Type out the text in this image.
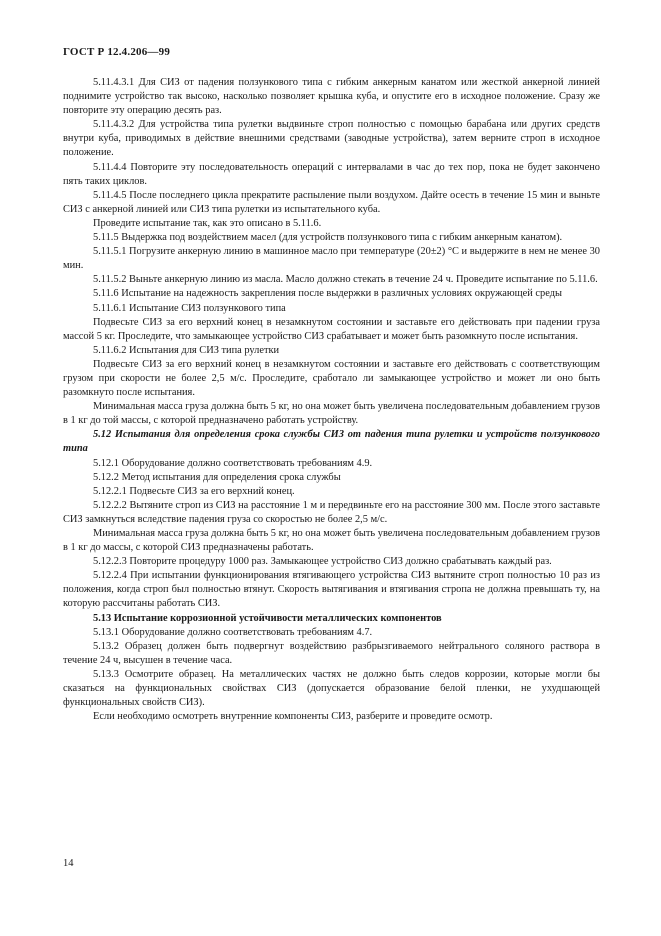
ГОСТ Р 12.4.206—99

5.11.4.3.1 Для СИЗ от падения ползункового типа с гибким анкерным канатом или жесткой анкерной линией поднимите устройство так высоко, насколько позволяет крышка куба, и опустите его в исходное положение. Сразу же повторите эту операцию десять раз.

5.11.4.3.2 Для устройства типа рулетки выдвиньте строп полностью с помощью барабана или других средств внутри куба, приводимых в действие внешними средствами (заводные устройства), затем верните строп в исходное положение.

5.11.4.4 Повторите эту последовательность операций с интервалами в час до тех пор, пока не будет закончено пять таких циклов.

5.11.4.5 После последнего цикла прекратите распыление пыли воздухом. Дайте осесть в течение 15 мин и выньте СИЗ с анкерной линией или СИЗ типа рулетки из испытательного куба.

Проведите испытание так, как это описано в 5.11.6.

5.11.5 Выдержка под воздействием масел (для устройств ползункового типа с гибким анкерным канатом).

5.11.5.1 Погрузите анкерную линию в машинное масло при температуре (20±2) °С и выдержите в нем не менее 30 мин.

5.11.5.2 Выньте анкерную линию из масла. Масло должно стекать в течение 24 ч. Проведите испытание по 5.11.6.

5.11.6 Испытание на надежность закрепления после выдержки в различных условиях окружающей среды

5.11.6.1 Испытание СИЗ ползункового типа

Подвесьте СИЗ за его верхний конец в незамкнутом состоянии и заставьте его действовать при падении груза массой 5 кг. Проследите, что замыкающее устройство СИЗ срабатывает и может быть разомкнуто после испытания.

5.11.6.2 Испытания для СИЗ типа рулетки

Подвесьте СИЗ за его верхний конец в незамкнутом состоянии и заставьте его действовать с соответствующим грузом при скорости не более 2,5 м/с. Проследите, сработало ли замыкающее устройство и может ли оно быть разомкнуто после испытания.

Минимальная масса груза должна быть 5 кг, но она может быть увеличена последовательным добавлением грузов в 1 кг до той массы, с которой предназначено работать устройству.

5.12 Испытания для определения срока службы СИЗ от падения типа рулетки и устройств ползункового типа

5.12.1 Оборудование должно соответствовать требованиям 4.9.

5.12.2 Метод испытания для определения срока службы

5.12.2.1 Подвесьте СИЗ за его верхний конец.

5.12.2.2 Вытяните строп из СИЗ на расстояние 1 м и передвиньте его на расстояние 300 мм. После этого заставьте СИЗ замкнуться вследствие падения груза со скоростью не более 2,5 м/с.

Минимальная масса груза должна быть 5 кг, но она может быть увеличена последовательным добавлением грузов в 1 кг до массы, с которой СИЗ предназначены работать.

5.12.2.3 Повторите процедуру 1000 раз. Замыкающее устройство СИЗ должно срабатывать каждый раз.

5.12.2.4 При испытании функционирования втягивающего устройства СИЗ вытяните строп полностью 10 раз из положения, когда строп был полностью втянут. Скорость вытягивания и втягивания стропа не должна превышать ту, на которую рассчитаны работать СИЗ.

5.13 Испытание коррозионной устойчивости металлических компонентов

5.13.1 Оборудование должно соответствовать требованиям 4.7.

5.13.2 Образец должен быть подвергнут воздействию разбрызгиваемого нейтрального соляного раствора в течение 24 ч, высушен в течение часа.

5.13.3 Осмотрите образец. На металлических частях не должно быть следов коррозии, которые могли бы сказаться на функциональных свойствах СИЗ (допускается образование белой пленки, не ухудшающей функциональных свойств СИЗ).

Если необходимо осмотреть внутренние компоненты СИЗ, разберите и проведите осмотр.

14
